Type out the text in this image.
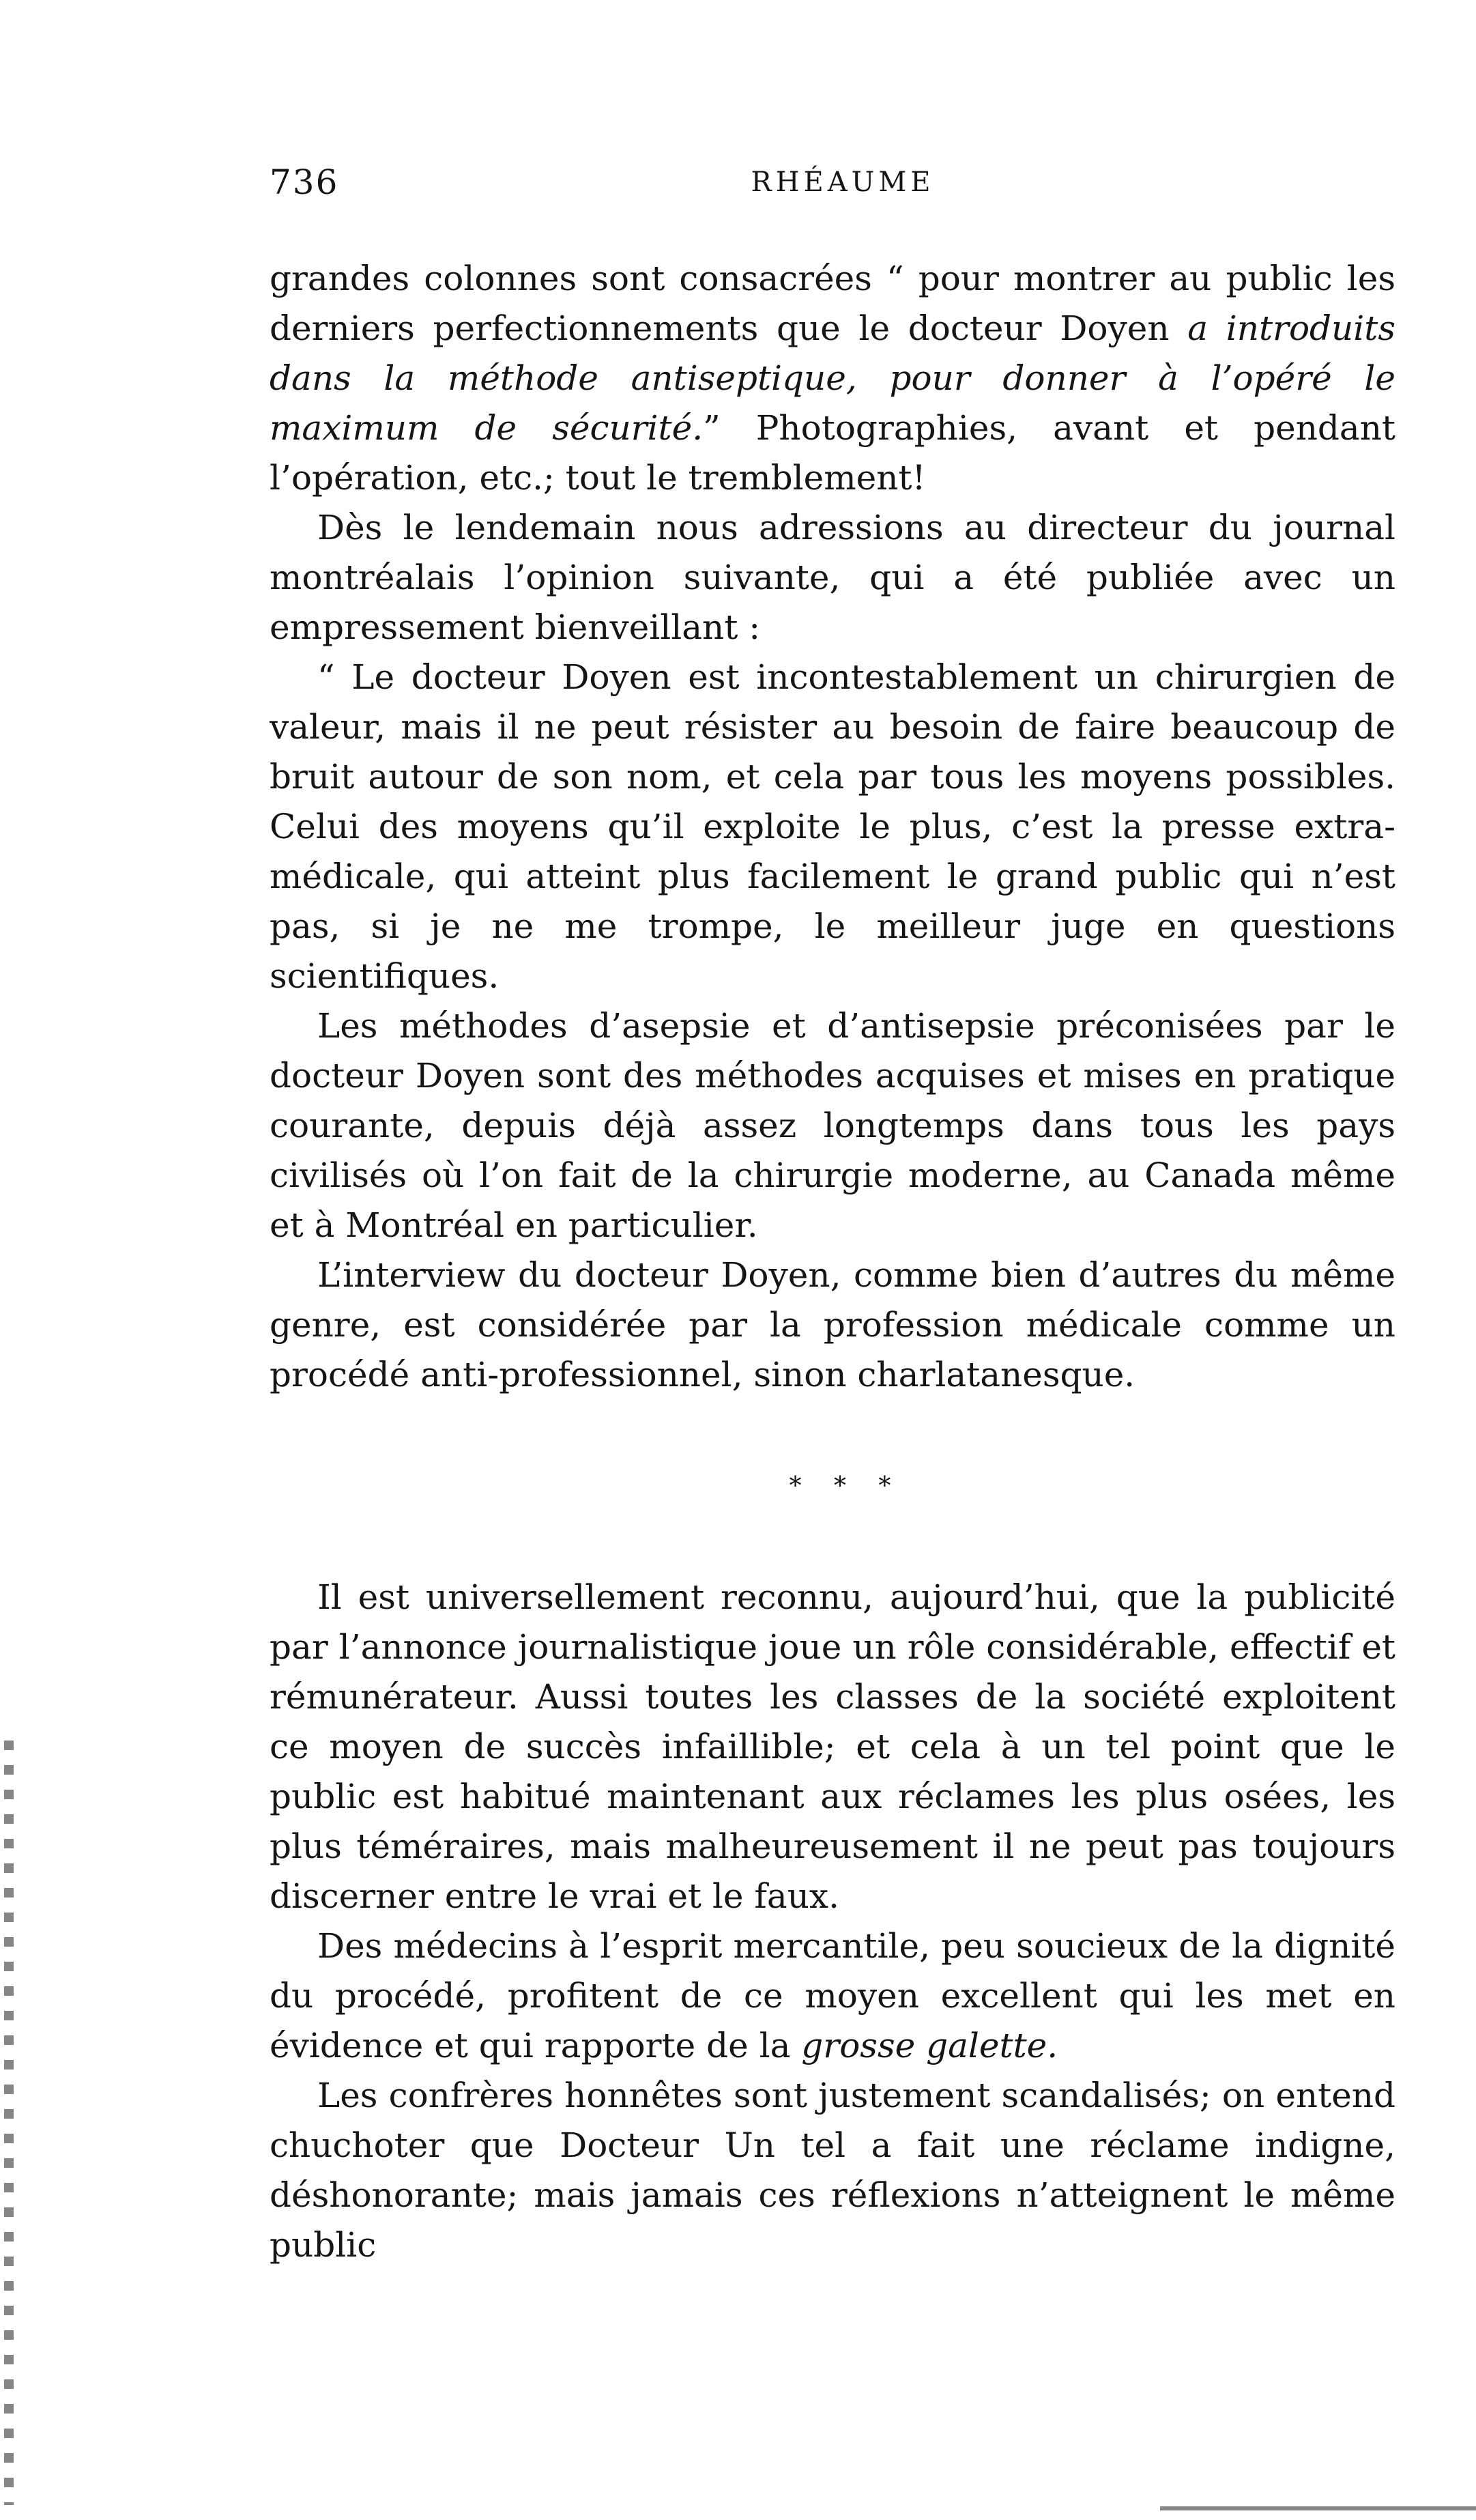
736	RHÉAUME

grandes colonnes sont consacrées “ pour montrer au public les derniers perfectionnements que le docteur Doyen a introduits dans la méthode antiseptique, pour donner à l’opéré le maximum de sécurité.” Photographies, avant et pendant l’opération, etc.; tout le tremblement!

Dès le lendemain nous adressions au directeur du journal montréalais l’opinion suivante, qui a été publiée avec un empressement bienveillant :

“ Le docteur Doyen est incontestablement un chirurgien de valeur, mais il ne peut résister au besoin de faire beaucoup de bruit autour de son nom, et cela par tous les moyens possibles. Celui des moyens qu’il exploite le plus, c’est la presse extra-médicale, qui atteint plus facilement le grand public qui n’est pas, si je ne me trompe, le meilleur juge en questions scientifiques.

Les méthodes d’asepsie et d’antisepsie préconisées par le docteur Doyen sont des méthodes acquises et mises en pratique courante, depuis déjà assez longtemps dans tous les pays civilisés où l’on fait de la chirurgie moderne, au Canada même et à Montréal en particulier.

L’interview du docteur Doyen, comme bien d’autres du même genre, est considérée par la profession médicale comme un procédé anti-professionnel, sinon charlatanesque.

* * *

Il est universellement reconnu, aujourd’hui, que la publicité par l’annonce journalistique joue un rôle considérable, effectif et rémunérateur. Aussi toutes les classes de la société exploitent ce moyen de succès infaillible; et cela à un tel point que le public est habitué maintenant aux réclames les plus osées, les plus téméraires, mais malheureusement il ne peut pas toujours discerner entre le vrai et le faux.

Des médecins à l’esprit mercantile, peu soucieux de la dignité du procédé, profitent de ce moyen excellent qui les met en évidence et qui rapporte de la grosse galette.

Les confrères honnêtes sont justement scandalisés; on entend chuchoter que Docteur Un tel a fait une réclame indigne, déshonorante; mais jamais ces réflexions n’atteignent le même public
